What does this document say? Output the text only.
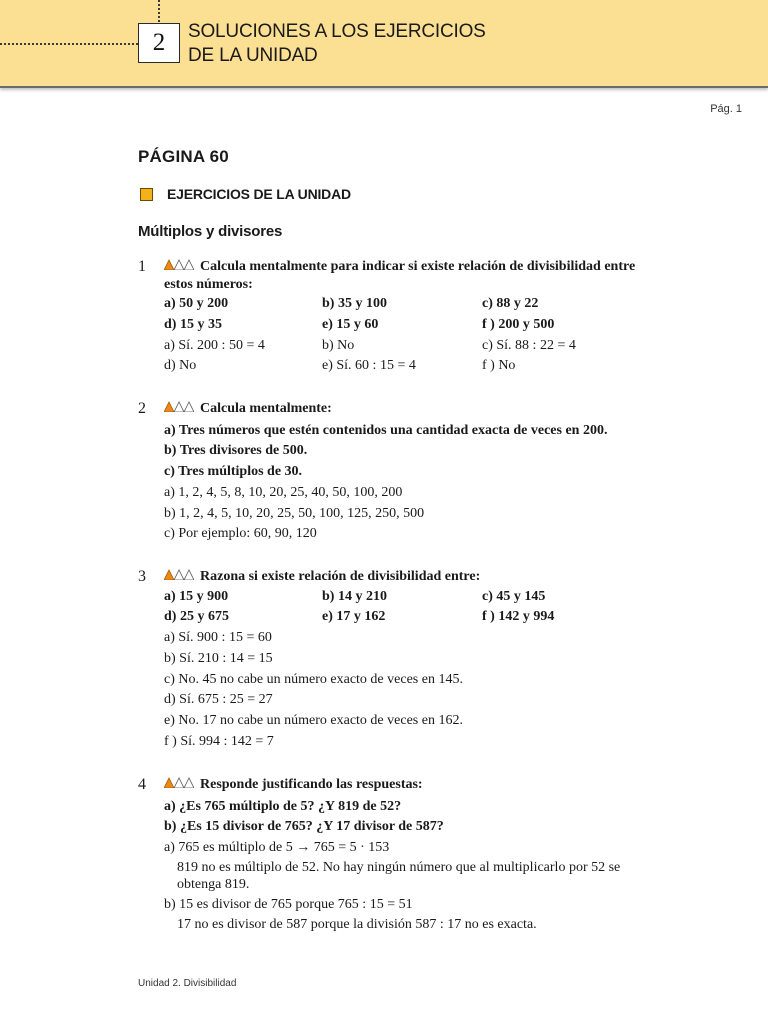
2 SOLUCIONES A LOS EJERCICIOS
DE LA UNIDAD
Pág. 1
PÁGINA 60
EJERCICIOS DE LA UNIDAD
Múltiplos y divisores
1	Calcula mentalmente para indicar si existe relación de divisibilidad entre estos números:
a) 50 y 200	b) 35 y 100	c) 88 y 22
d) 15 y 35	e) 15 y 60	f ) 200 y 500
a) Sí. 200 : 50 = 4	b) No	c) Sí. 88 : 22 = 4
d) No	e) Sí. 60 : 15 = 4	f ) No
2	Calcula mentalmente:
a) Tres números que estén contenidos una cantidad exacta de veces en 200.
b) Tres divisores de 500.
c) Tres múltiplos de 30.
a) 1, 2, 4, 5, 8, 10, 20, 25, 40, 50, 100, 200
b) 1, 2, 4, 5, 10, 20, 25, 50, 100, 125, 250, 500
c) Por ejemplo: 60, 90, 120
3	Razona si existe relación de divisibilidad entre:
a) 15 y 900	b) 14 y 210	c) 45 y 145
d) 25 y 675	e) 17 y 162	f ) 142 y 994
a) Sí. 900 : 15 = 60
b) Sí. 210 : 14 = 15
c) No. 45 no cabe un número exacto de veces en 145.
d) Sí. 675 : 25 = 27
e) No. 17 no cabe un número exacto de veces en 162.
f ) Sí. 994 : 142 = 7
4	Responde justificando las respuestas:
a) ¿Es 765 múltiplo de 5? ¿Y 819 de 52?
b) ¿Es 15 divisor de 765? ¿Y 17 divisor de 587?
a) 765 es múltiplo de 5 → 765 = 5 · 153
819 no es múltiplo de 52. No hay ningún número que al multiplicarlo por 52 se obtenga 819.
b) 15 es divisor de 765 porque 765 : 15 = 51
17 no es divisor de 587 porque la división 587 : 17 no es exacta.
Unidad 2. Divisibilidad
